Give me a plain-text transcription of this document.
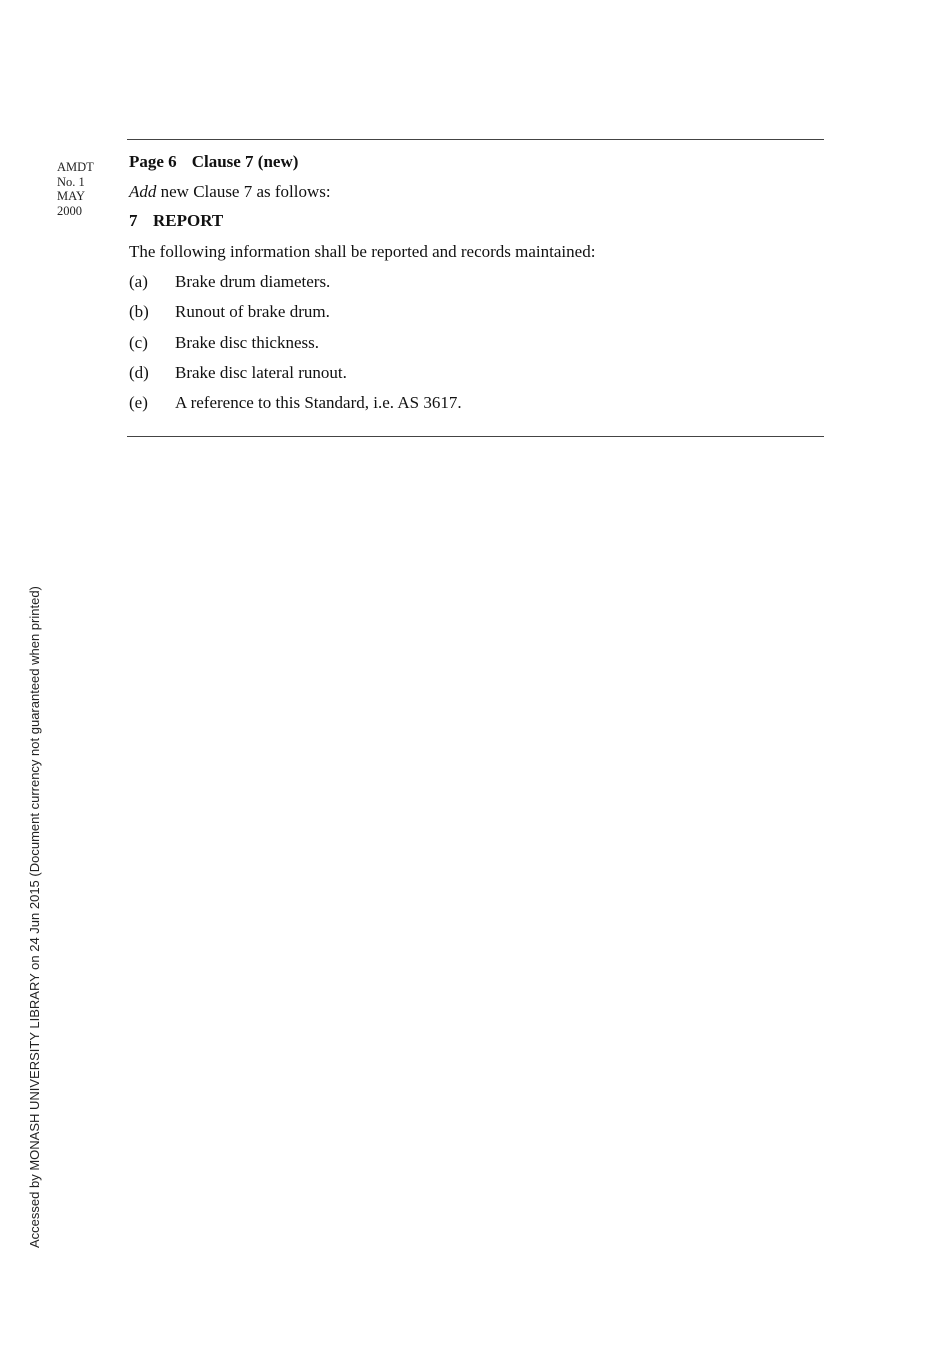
AMDT
No. 1
MAY
2000
Page 6 Clause 7 (new)
Add new Clause 7 as follows:
7 REPORT
The following information shall be reported and records maintained:
(a) Brake drum diameters.
(b) Runout of brake drum.
(c) Brake disc thickness.
(d) Brake disc lateral runout.
(e) A reference to this Standard, i.e. AS 3617.
Accessed by MONASH UNIVERSITY LIBRARY on 24 Jun 2015 (Document currency not guaranteed when printed)
